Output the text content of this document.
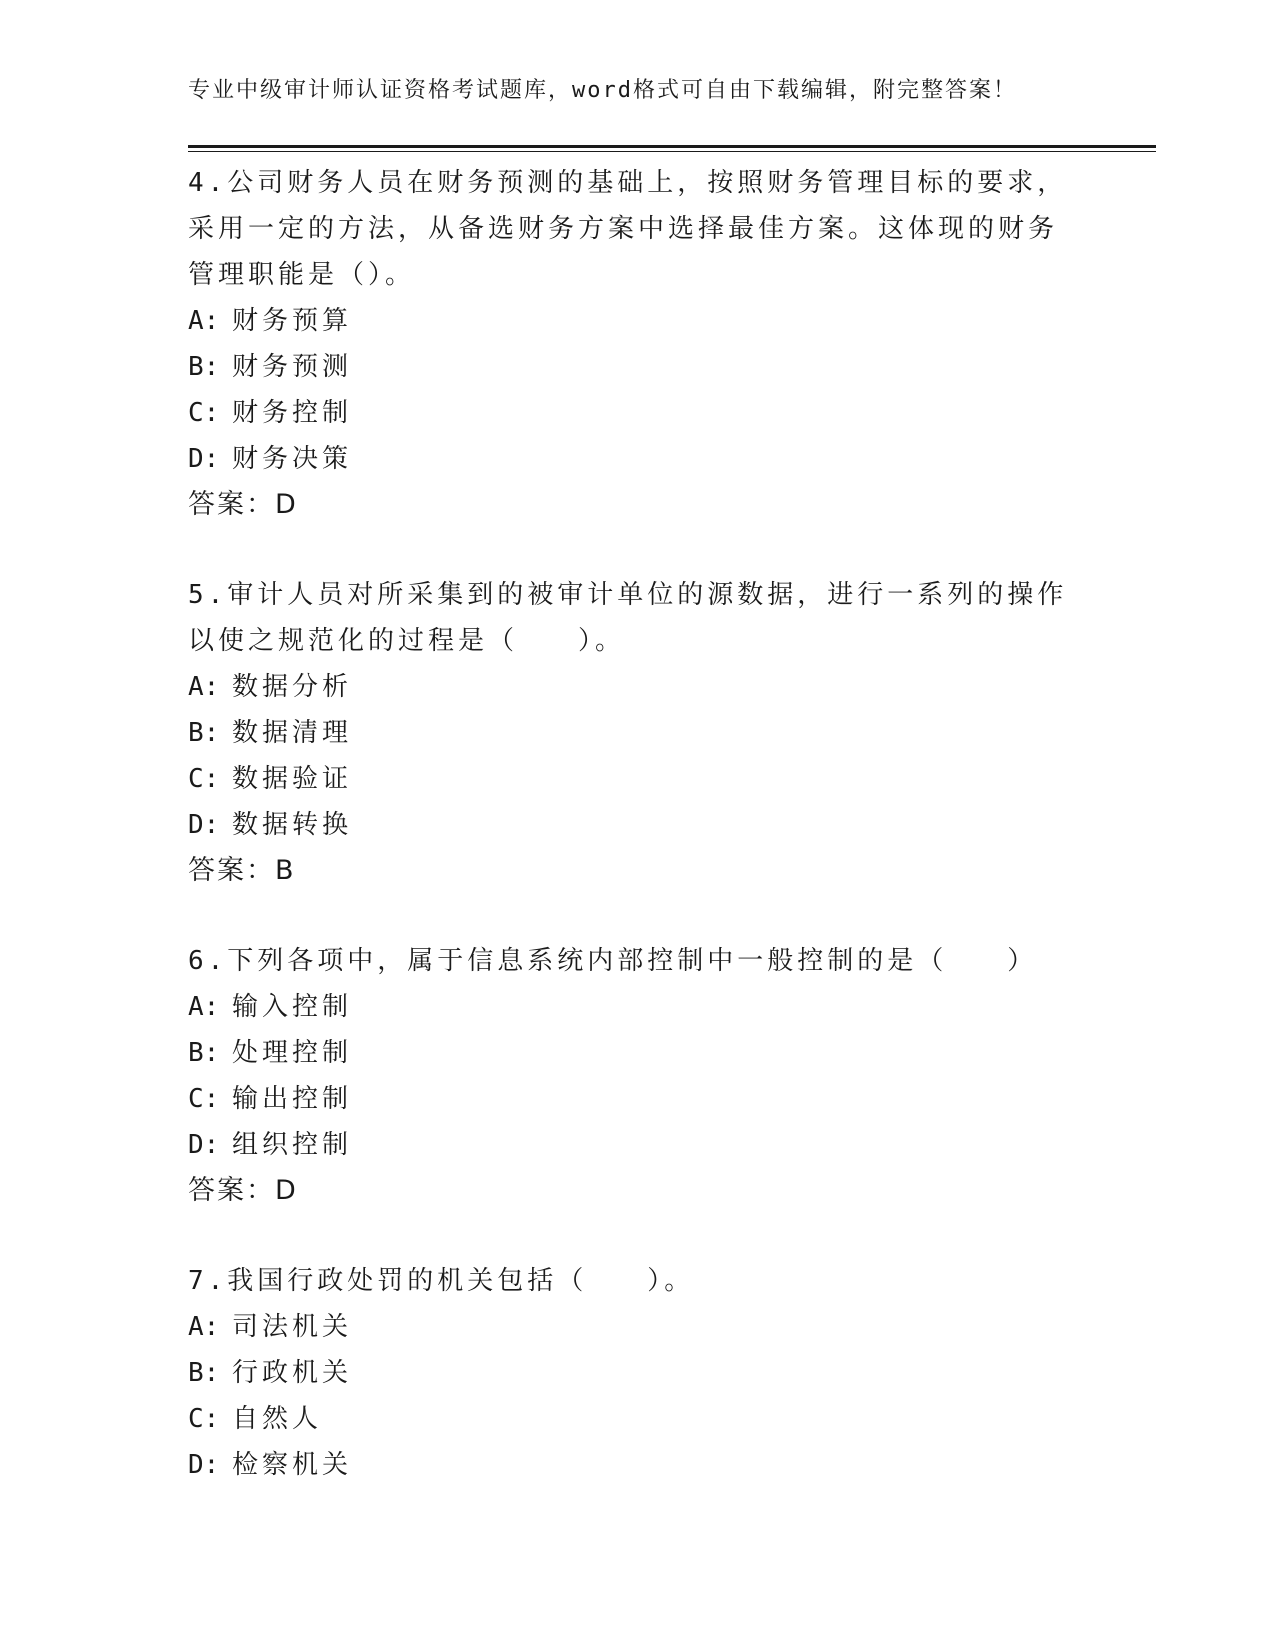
专业中级审计师认证资格考试题库，word格式可自由下载编辑，附完整答案！

4.公司财务人员在财务预测的基础上，按照财务管理目标的要求，采用一定的方法，从备选财务方案中选择最佳方案。这体现的财务管理职能是（）。

A: 财务预算

B: 财务预测

C: 财务控制

D: 财务决策

答案：D

5.审计人员对所采集到的被审计单位的源数据，进行一系列的操作以使之规范化的过程是（　　）。

A: 数据分析

B: 数据清理

C: 数据验证

D: 数据转换

答案：B

6.下列各项中，属于信息系统内部控制中一般控制的是（　　）

A: 输入控制

B: 处理控制

C: 输出控制

D: 组织控制

答案：D

7.我国行政处罚的机关包括（　　）。

A: 司法机关

B: 行政机关

C: 自然人

D: 检察机关
